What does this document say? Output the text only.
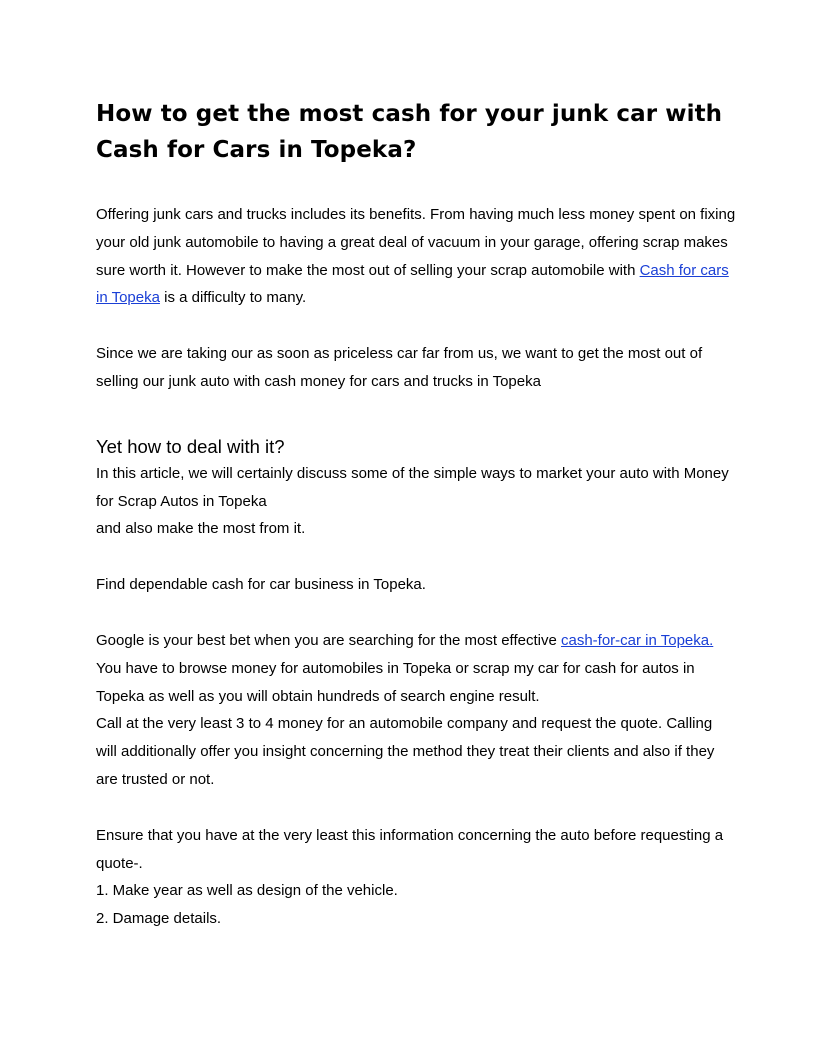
How to get the most cash for your junk car with Cash for Cars in Topeka?

Offering junk cars and trucks includes its benefits. From having much less money spent on fixing your old junk automobile to having a great deal of vacuum in your garage, offering scrap makes sure worth it. However to make the most out of selling your scrap automobile with Cash for cars in Topeka is a difficulty to many.

Since we are taking our as soon as priceless car far from us, we want to get the most out of selling our junk auto with cash money for cars and trucks in Topeka

Yet how to deal with it?

In this article, we will certainly discuss some of the simple ways to market your auto with Money for Scrap Autos in Topeka
and also make the most from it.

Find dependable cash for car business in Topeka.

Google is your best bet when you are searching for the most effective cash-for-car in Topeka. You have to browse money for automobiles in Topeka or scrap my car for cash for autos in Topeka as well as you will obtain hundreds of search engine result.
Call at the very least 3 to 4 money for an automobile company and request the quote. Calling will additionally offer you insight concerning the method they treat their clients and also if they are trusted or not.

Ensure that you have at the very least this information concerning the auto before requesting a quote-.
1. Make year as well as design of the vehicle.
2. Damage details.
